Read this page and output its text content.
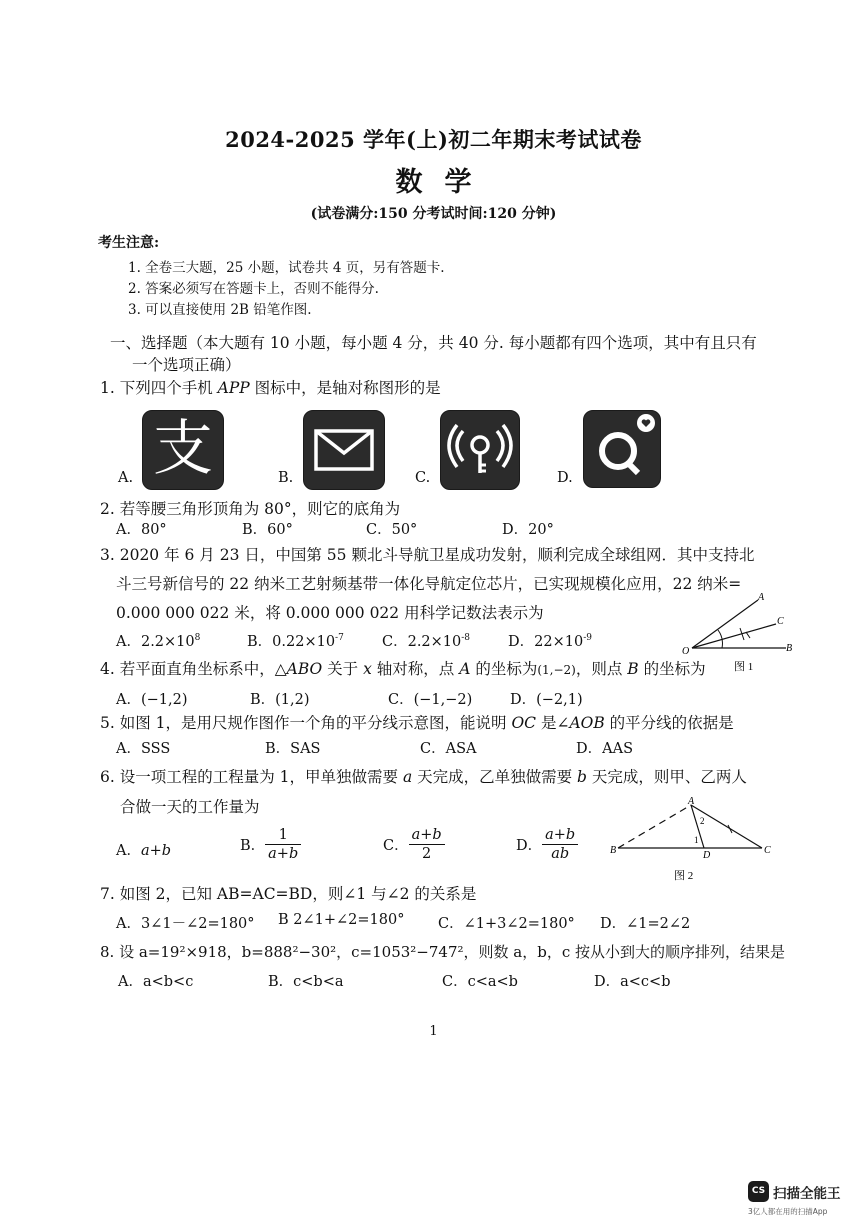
2024-2025 学年(上)初二年期末考试试卷
数学
(试卷满分:150 分考试时间:120 分钟)
考生注意:
1. 全卷三大题，25 小题，试卷共 4 页，另有答题卡.
2. 答案必须写在答题卡上，否则不能得分.
3. 可以直接使用 2B 铅笔作图.
一、选择题（本大题有 10 小题，每小题 4 分，共 40 分. 每小题都有四个选项，其中有且只有
一个选项正确）
1. 下列四个手机 APP 图标中，是轴对称图形的是
A. 支	B.	C.	D.
2. 若等腰三角形顶角为 80°，则它的底角为
A．80°	B．60°	C．50°	D．20°
3. 2020 年 6 月 23 日，中国第 55 颗北斗导航卫星成功发射，顺利完成全球组网．其中支持北
斗三号新信号的 22 纳米工艺射频基带一体化导航定位芯片，已实现规模化应用，22 纳米=
0.000 000 022 米，将 0.000 000 022 用科学记数法表示为
A．$2.2\times 10^8$	B．$0.22\times 10^{-7}$	C．$2.2\times 10^{-8}$	D．$22\times 10^{-9}$
A
C
O	B
图 1
4. 若平面直角坐标系中，△ABO 关于 x 轴对称，点 A 的坐标为(1,−2)，则点 B 的坐标为
A．(−1,2)	B．(1,2)	C．(−1,−2)	D．(−2,1)
5. 如图 1，是用尺规作图作一个角的平分线示意图，能说明 OC 是∠AOB 的平分线的依据是
A．SSS	B．SAS	C．ASA	D．AAS
6. 设一项工程的工程量为 1，甲单独做需要 a 天完成，乙单独做需要 b 天完成，则甲、乙两人
合做一天的工作量为
A．a+b	B． $\frac{1}{a+b}$	C． $\frac{a+b}{2}$	D． $\frac{a+b}{ab}$
A
B	C
D
1
2
图 2
7. 如图 2，已知 AB=AC=BD，则∠1 与∠2 的关系是
A．3∠1－∠2=180° B 2∠1+∠2=180° C．∠1+3∠2=180° D．∠1=2∠2
8. 设 a=19²×918，b=888²−30²，c=1053²−747²，则数 a，b，c 按从小到大的顺序排列，结果是
A．a<b<c	B．c<b<a	C．c<a<b	D．a<c<b
1
CS 扫描全能王
3亿人都在用的扫描App
